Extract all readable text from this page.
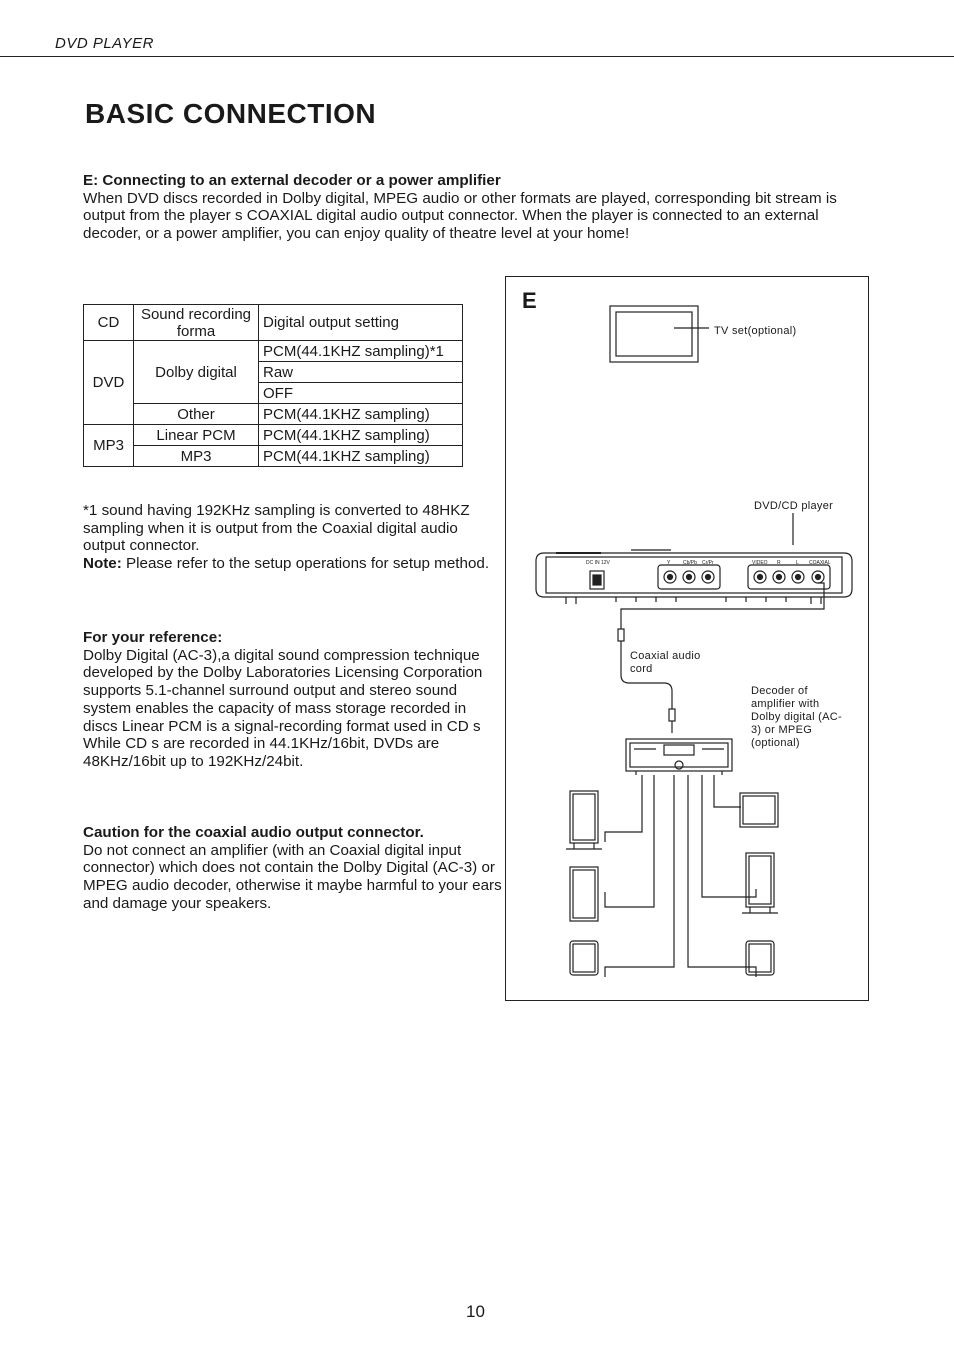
DVD PLAYER
BASIC CONNECTION
E: Connecting to an external decoder or a power amplifier
When DVD discs recorded in Dolby digital, MPEG audio or other formats are played, corresponding bit stream is output from the player s COAXIAL digital audio output connector. When the player is connected to an external decoder, or a power amplifier, you can enjoy quality of theatre level at your home!
CD	Sound recording forma	Digital output setting
DVD	Dolby digital	PCM(44.1KHZ sampling)*1
		Raw
		OFF
	Other	PCM(44.1KHZ sampling)
MP3	Linear PCM	PCM(44.1KHZ sampling)
	MP3	PCM(44.1KHZ sampling)
*1 sound having 192KHz sampling is converted to 48HKZ sampling when it is output from the Coaxial digital audio output connector.
Note: Please refer to the setup operations for setup method.
For your reference:
Dolby Digital (AC-3),a digital sound compression technique developed by the Dolby Laboratories Licensing Corporation supports 5.1-channel surround output and stereo sound system enables the capacity of mass storage recorded in discs Linear PCM is a signal-recording format used in CD s While CD s are recorded in 44.1KHz/16bit, DVDs are 48KHz/16bit up to 192KHz/24bit.
Caution for the coaxial audio output connector.
Do not connect an amplifier (with an Coaxial digital input connector) which does not contain the Dolby Digital (AC-3) or MPEG audio decoder, otherwise it maybe harmful to your ears and damage your speakers.
E
TV set(optional)
DVD/CD player
Coaxial audio cord
Decoder of amplifier with Dolby digital (AC-3) or MPEG (optional)
DC IN 12V	Y	Cb/Pb Cr/Pr	VIDEO R	L COAXIAL
10
